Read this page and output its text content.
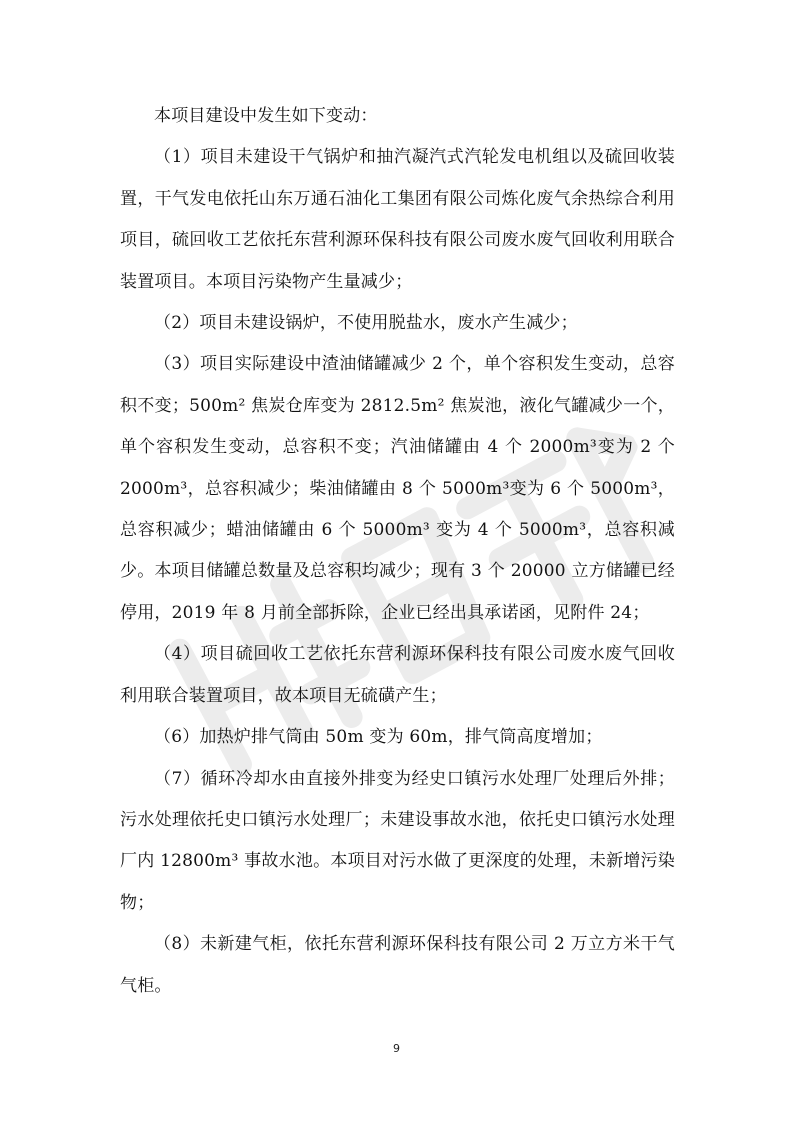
本项目建设中发生如下变动：

（1）项目未建设干气锅炉和抽汽凝汽式汽轮发电机组以及硫回收装置，干气发电依托山东万通石油化工集团有限公司炼化废气余热综合利用项目，硫回收工艺依托东营利源环保科技有限公司废水废气回收利用联合装置项目。本项目污染物产生量减少；

（2）项目未建设锅炉，不使用脱盐水，废水产生减少；

（3）项目实际建设中渣油储罐减少 2 个，单个容积发生变动，总容积不变；500m² 焦炭仓库变为 2812.5m² 焦炭池，液化气罐减少一个，单个容积发生变动，总容积不变；汽油储罐由 4 个 2000m³变为 2 个 2000m³，总容积减少；柴油储罐由 8 个 5000m³变为 6 个 5000m³，总容积减少；蜡油储罐由 6 个 5000m³ 变为 4 个 5000m³，总容积减少。本项目储罐总数量及总容积均减少；现有 3 个 20000 立方储罐已经停用，2019 年 8 月前全部拆除，企业已经出具承诺函，见附件 24；

（4）项目硫回收工艺依托东营利源环保科技有限公司废水废气回收利用联合装置项目，故本项目无硫磺产生；

（6）加热炉排气筒由 50m 变为 60m，排气筒高度增加；

（7）循环冷却水由直接外排变为经史口镇污水处理厂处理后外排；污水处理依托史口镇污水处理厂；未建设事故水池，依托史口镇污水处理厂内 12800m³ 事故水池。本项目对污水做了更深度的处理，未新增污染物；

（8）未新建气柜，依托东营利源环保科技有限公司 2 万立方米干气气柜。

9
